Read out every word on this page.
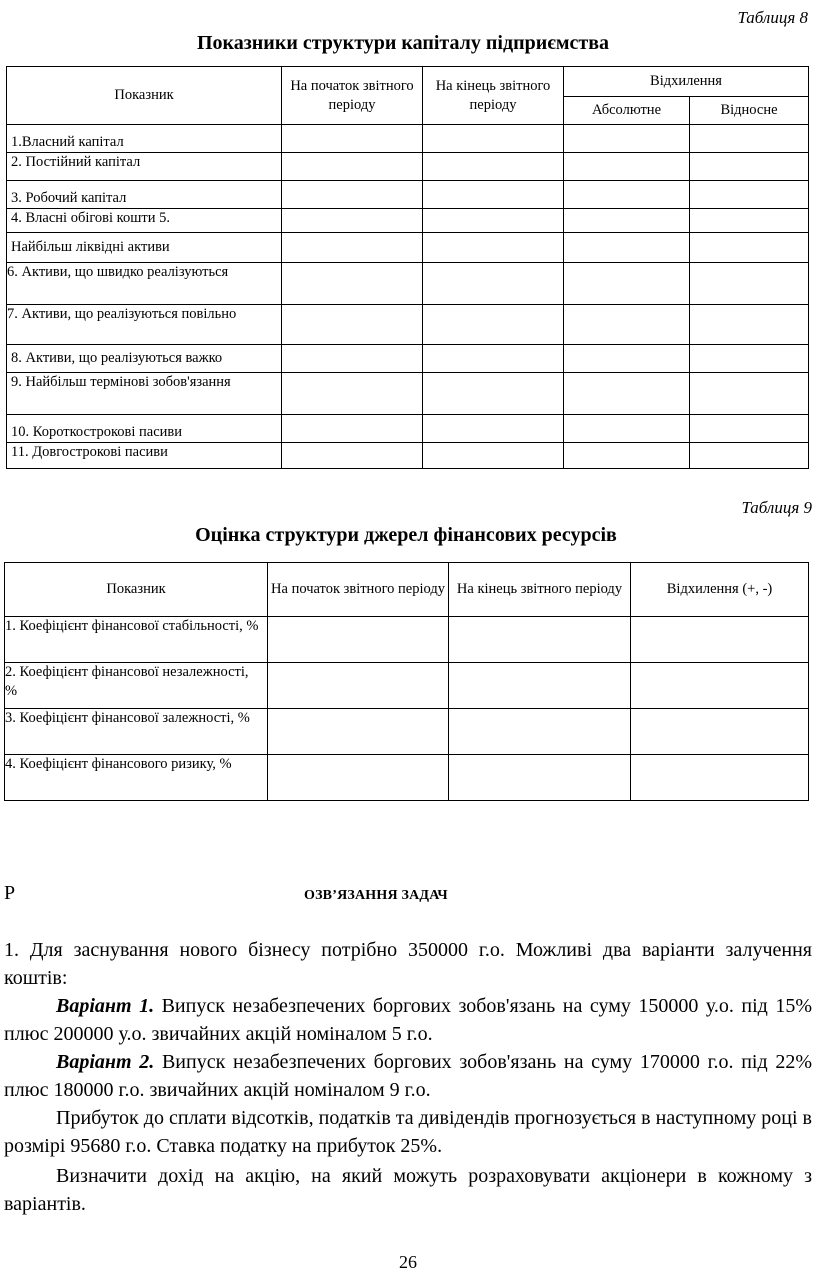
Таблиця 8
Показники структури капіталу підприємства
Показник	На початок звітного періоду	На кінець звітного періоду	Відхилення	
			Абсолютне	Відносне
1.Власний капітал				
2. Постійний капітал				
3. Робочий капітал				
4. Власні обігові кошти 5.				
Найбільш ліквідні активи				
6. Активи, що швидко реалізуються				
7. Активи, що реалізуються повільно				
8. Активи, що реалізуються важко				
9. Найбільш термінові зобов'язання				
10. Короткострокові пасиви				
11. Довгострокові пасиви				
Таблиця 9
Оцінка структури джерел фінансових ресурсів
Показник	На початок звітного періоду	На кінець звітного періоду	Відхилення (+, -)
1. Коефіцієнт фінансової стабільності, %			
2. Коефіцієнт фінансової незалежності, %			
3. Коефіцієнт фінансової залежності, %			
4. Коефіцієнт фінансового ризику, %			
Р	ОЗВ’ЯЗАННЯ ЗАДАЧ

1. Для заснування нового бізнесу потрібно 350000 г.о. Можливі два варіанти залучення коштів:

Варіант 1. Випуск незабезпечених боргових зобов'язань на суму 150000 у.о. під 15% плюс 200000 у.о. звичайних акцій номіналом 5 г.о.

Варіант 2. Випуск незабезпечених боргових зобов'язань на суму 170000 г.о. під 22% плюс 180000 г.о. звичайних акцій номіналом 9 г.о.

Прибуток до сплати відсотків, податків та дивідендів прогнозується в наступному році в розмірі 95680 г.о. Ставка податку на прибуток 25%.

Визначити дохід на акцію, на який можуть розраховувати акціонери в кожному з варіантів.

26
